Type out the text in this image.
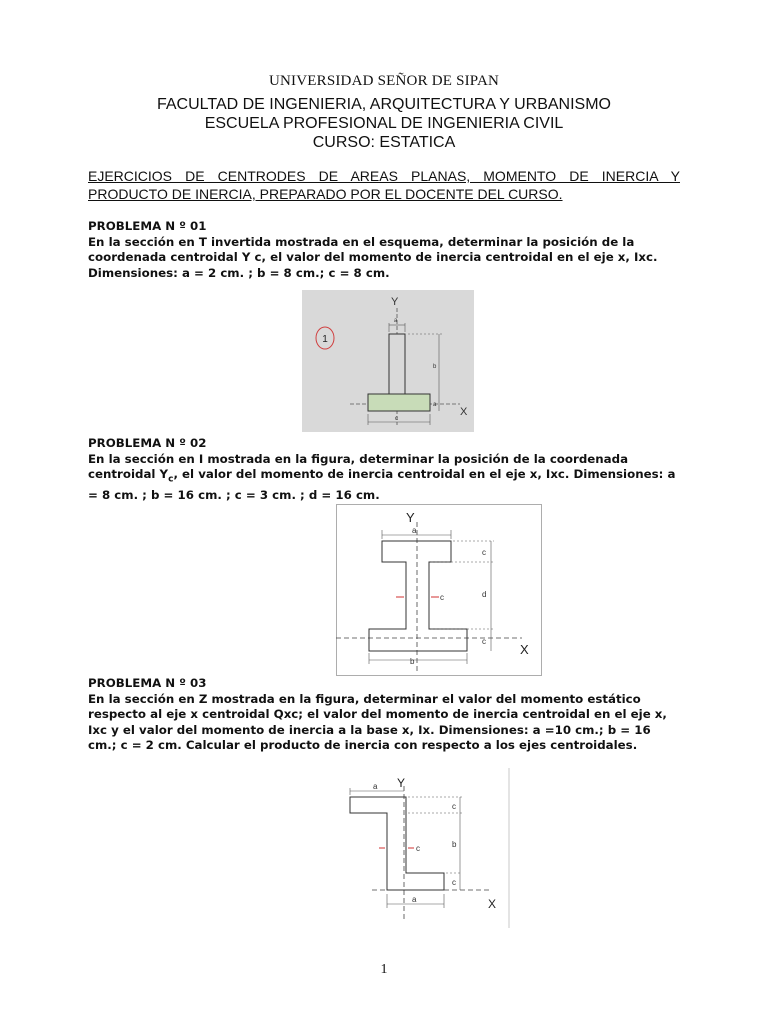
UNIVERSIDAD SEÑOR DE SIPAN
FACULTAD DE INGENIERIA, ARQUITECTURA Y URBANISMO
ESCUELA PROFESIONAL DE INGENIERIA CIVIL
CURSO: ESTATICA
EJERCICIOS DE CENTRODES DE AREAS PLANAS, MOMENTO DE INERCIA Y PRODUCTO DE INERCIA, PREPARADO POR EL DOCENTE DEL CURSO.

PROBLEMA N º 01

En la sección en T invertida mostrada en el esquema, determinar la posición de la coordenada centroidal Y c, el valor del momento de inercia centroidal en el eje x, Ixc. Dimensiones: a = 2 cm. ; b = 8 cm.; c = 8 cm.

1
Y
X
a
b
a
c

PROBLEMA N º 02

En la sección en I mostrada en la figura, determinar la posición de la coordenada centroidal $Y_c$, el valor del momento de inercia centroidal en el eje x, Ixc. Dimensiones: a = 8 cm. ; b = 16 cm. ; c = 3 cm. ; d = 16 cm.

Y
X
a
c
d
c
c
b

PROBLEMA N º 03

En la sección en Z mostrada en la figura, determinar el valor del momento estático respecto al eje x centroidal Qxc; el valor del momento de inercia centroidal en el eje x, Ixc y el valor del momento de inercia a la base x, Ix. Dimensiones: a =10 cm.; b = 16 cm.; c = 2 cm. Calcular el producto de inercia con respecto a los ejes centroidales.

Y
X
a
c
b
c
c
a
1
